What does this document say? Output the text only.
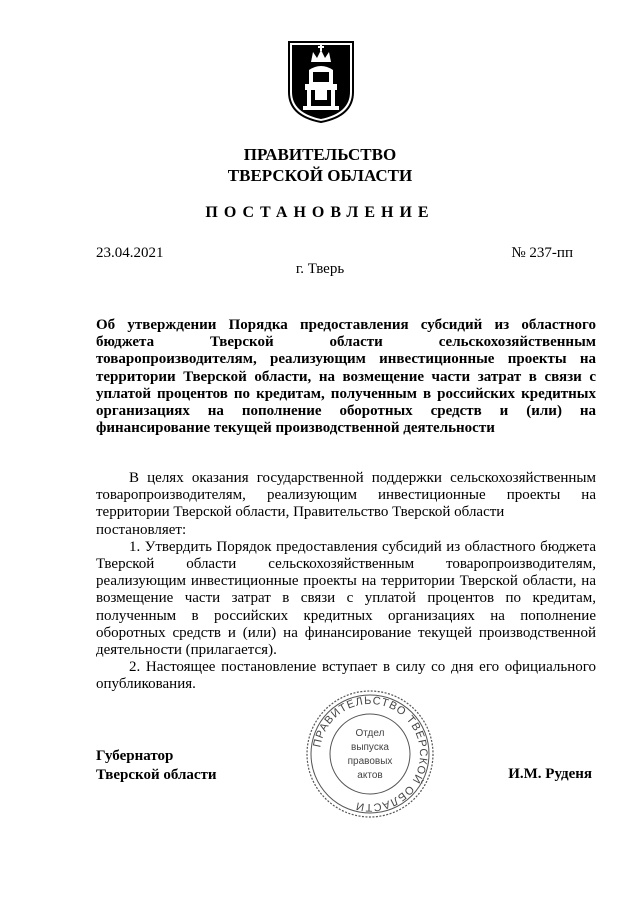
ПРАВИТЕЛЬСТВО
ТВЕРСКОЙ ОБЛАСТИ
ПОСТАНОВЛЕНИЕ
23.04.2021	№ 237-пп
г. Тверь
Об утверждении Порядка предоставления субсидий из областного бюджета Тверской области сельскохозяйственным товаропроизводителям, реализующим инвестиционные проекты на территории Тверской области, на возмещение части затрат в связи с уплатой процентов по кредитам, полученным в российских кредитных организациях на пополнение оборотных средств и (или) на финансирование текущей производственной деятельности

В целях оказания государственной поддержки сельскохозяйственным товаропроизводителям, реализующим инвестиционные проекты на территории Тверской области, Правительство Тверской области

постановляет:

1. Утвердить Порядок предоставления субсидий из областного бюджета Тверской области сельскохозяйственным товаропроизводителям, реализующим инвестиционные проекты на территории Тверской области, на возмещение части затрат в связи с уплатой процентов по кредитам, полученным в российских кредитных организациях на пополнение оборотных средств и (или) на финансирование текущей производственной деятельности (прилагается).

2. Настоящее постановление вступает в силу со дня его официального опубликования.

ПРАВИТЕЛЬСТВО ТВЕРСКОЙ ОБЛАСТИ
Отдел
выпуска
правовых
актов
Губернатор
Тверской области	И.М. Руденя
